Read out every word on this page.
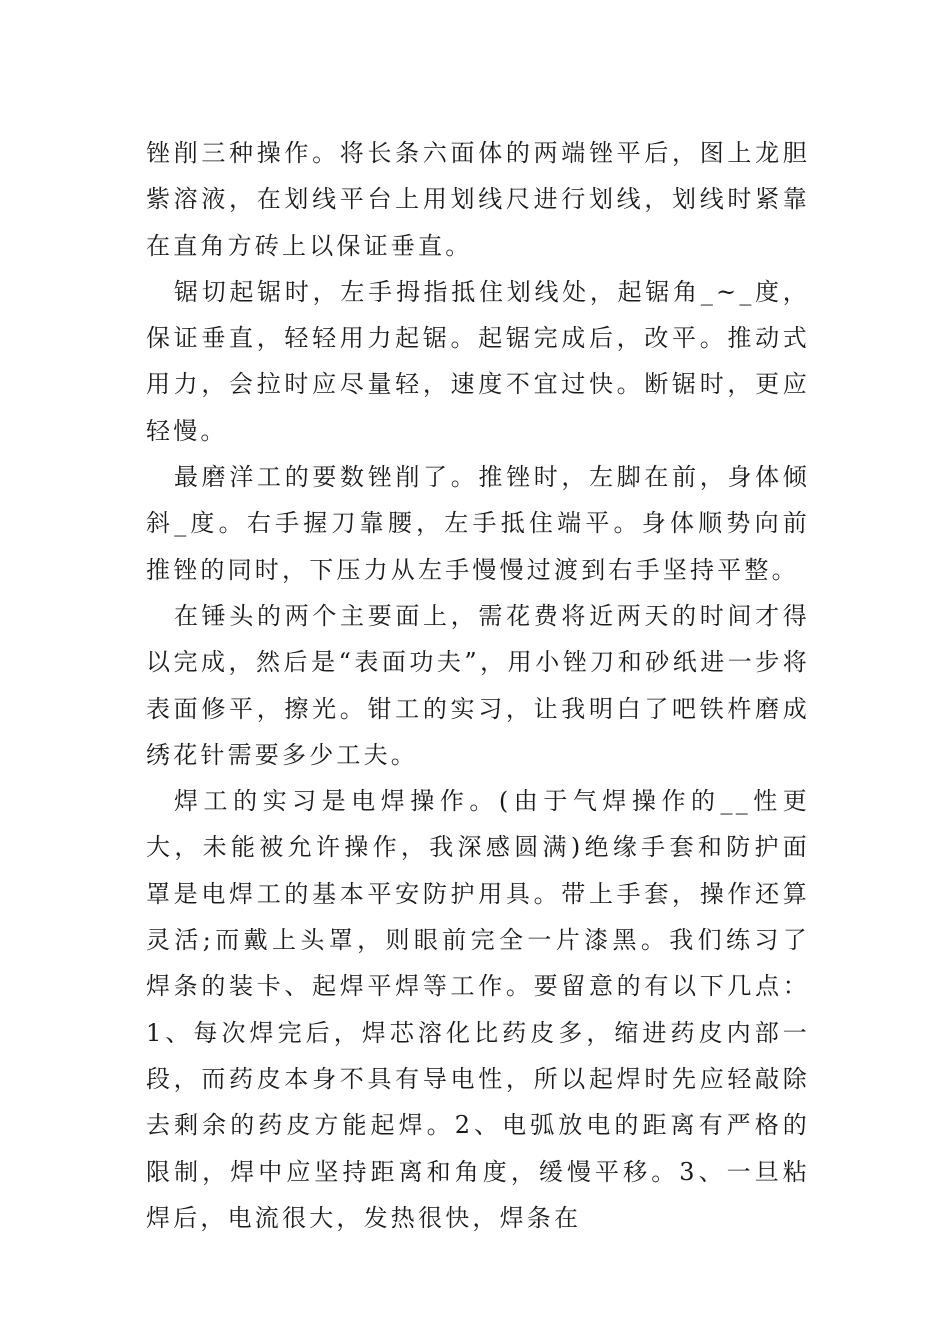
锉削三种操作。将长条六面体的两端锉平后，图上龙胆紫溶液，在划线平台上用划线尺进行划线，划线时紧靠在直角方砖上以保证垂直。

锯切起锯时，左手拇指抵住划线处，起锯角_~_度，保证垂直，轻轻用力起锯。起锯完成后，改平。推动式用力，会拉时应尽量轻，速度不宜过快。断锯时，更应轻慢。

最磨洋工的要数锉削了。推锉时，左脚在前，身体倾斜_度。右手握刀靠腰，左手抵住端平。身体顺势向前推锉的同时，下压力从左手慢慢过渡到右手坚持平整。

在锤头的两个主要面上，需花费将近两天的时间才得以完成，然后是“表面功夫”，用小锉刀和砂纸进一步将表面修平，擦光。钳工的实习，让我明白了吧铁杵磨成绣花针需要多少工夫。

焊工的实习是电焊操作。(由于气焊操作的__性更大，未能被允许操作，我深感圆满)绝缘手套和防护面罩是电焊工的基本平安防护用具。带上手套，操作还算灵活;而戴上头罩，则眼前完全一片漆黑。我们练习了焊条的装卡、起焊平焊等工作。要留意的有以下几点：1、每次焊完后，焊芯溶化比药皮多，缩进药皮内部一段，而药皮本身不具有导电性，所以起焊时先应轻敲除去剩余的药皮方能起焊。2、电弧放电的距离有严格的限制，焊中应坚持距离和角度，缓慢平移。3、一旦粘焊后，电流很大，发热很快，焊条在
